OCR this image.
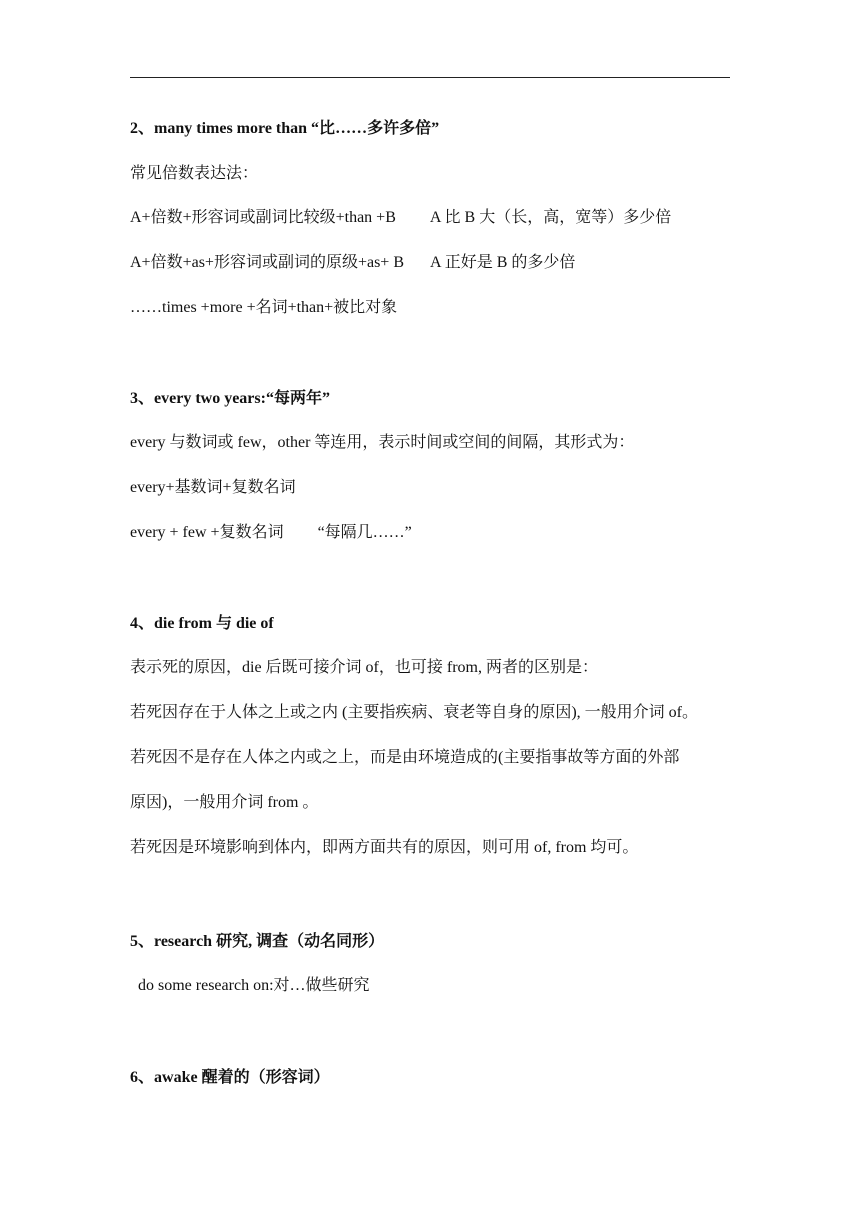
2、many times more than “比……多许多倍”
常见倍数表达法：
A+倍数+形容词或副词比较级+than +B A 比 B 大（长，高，宽等）多少倍
A+倍数+as+形容词或副词的原级+as+ B A 正好是 B 的多少倍
……times +more +名词+than+被比对象
3、every two years:“每两年”
every 与数词或 few，other 等连用，表示时间或空间的间隔，其形式为：
every+基数词+复数名词
every + few +复数名词 “每隔几……”
4、die from 与 die of
表示死的原因，die 后既可接介词 of，也可接 from, 两者的区别是：
若死因存在于人体之上或之内 (主要指疾病、衰老等自身的原因), 一般用介词 of。
若死因不是存在人体之内或之上，而是由环境造成的(主要指事故等方面的外部
原因)，一般用介词 from 。
若死因是环境影响到体内，即两方面共有的原因，则可用 of, from 均可。
5、research 研究, 调查（动名同形）
do some research on:对…做些研究
6、awake 醒着的（形容词）
